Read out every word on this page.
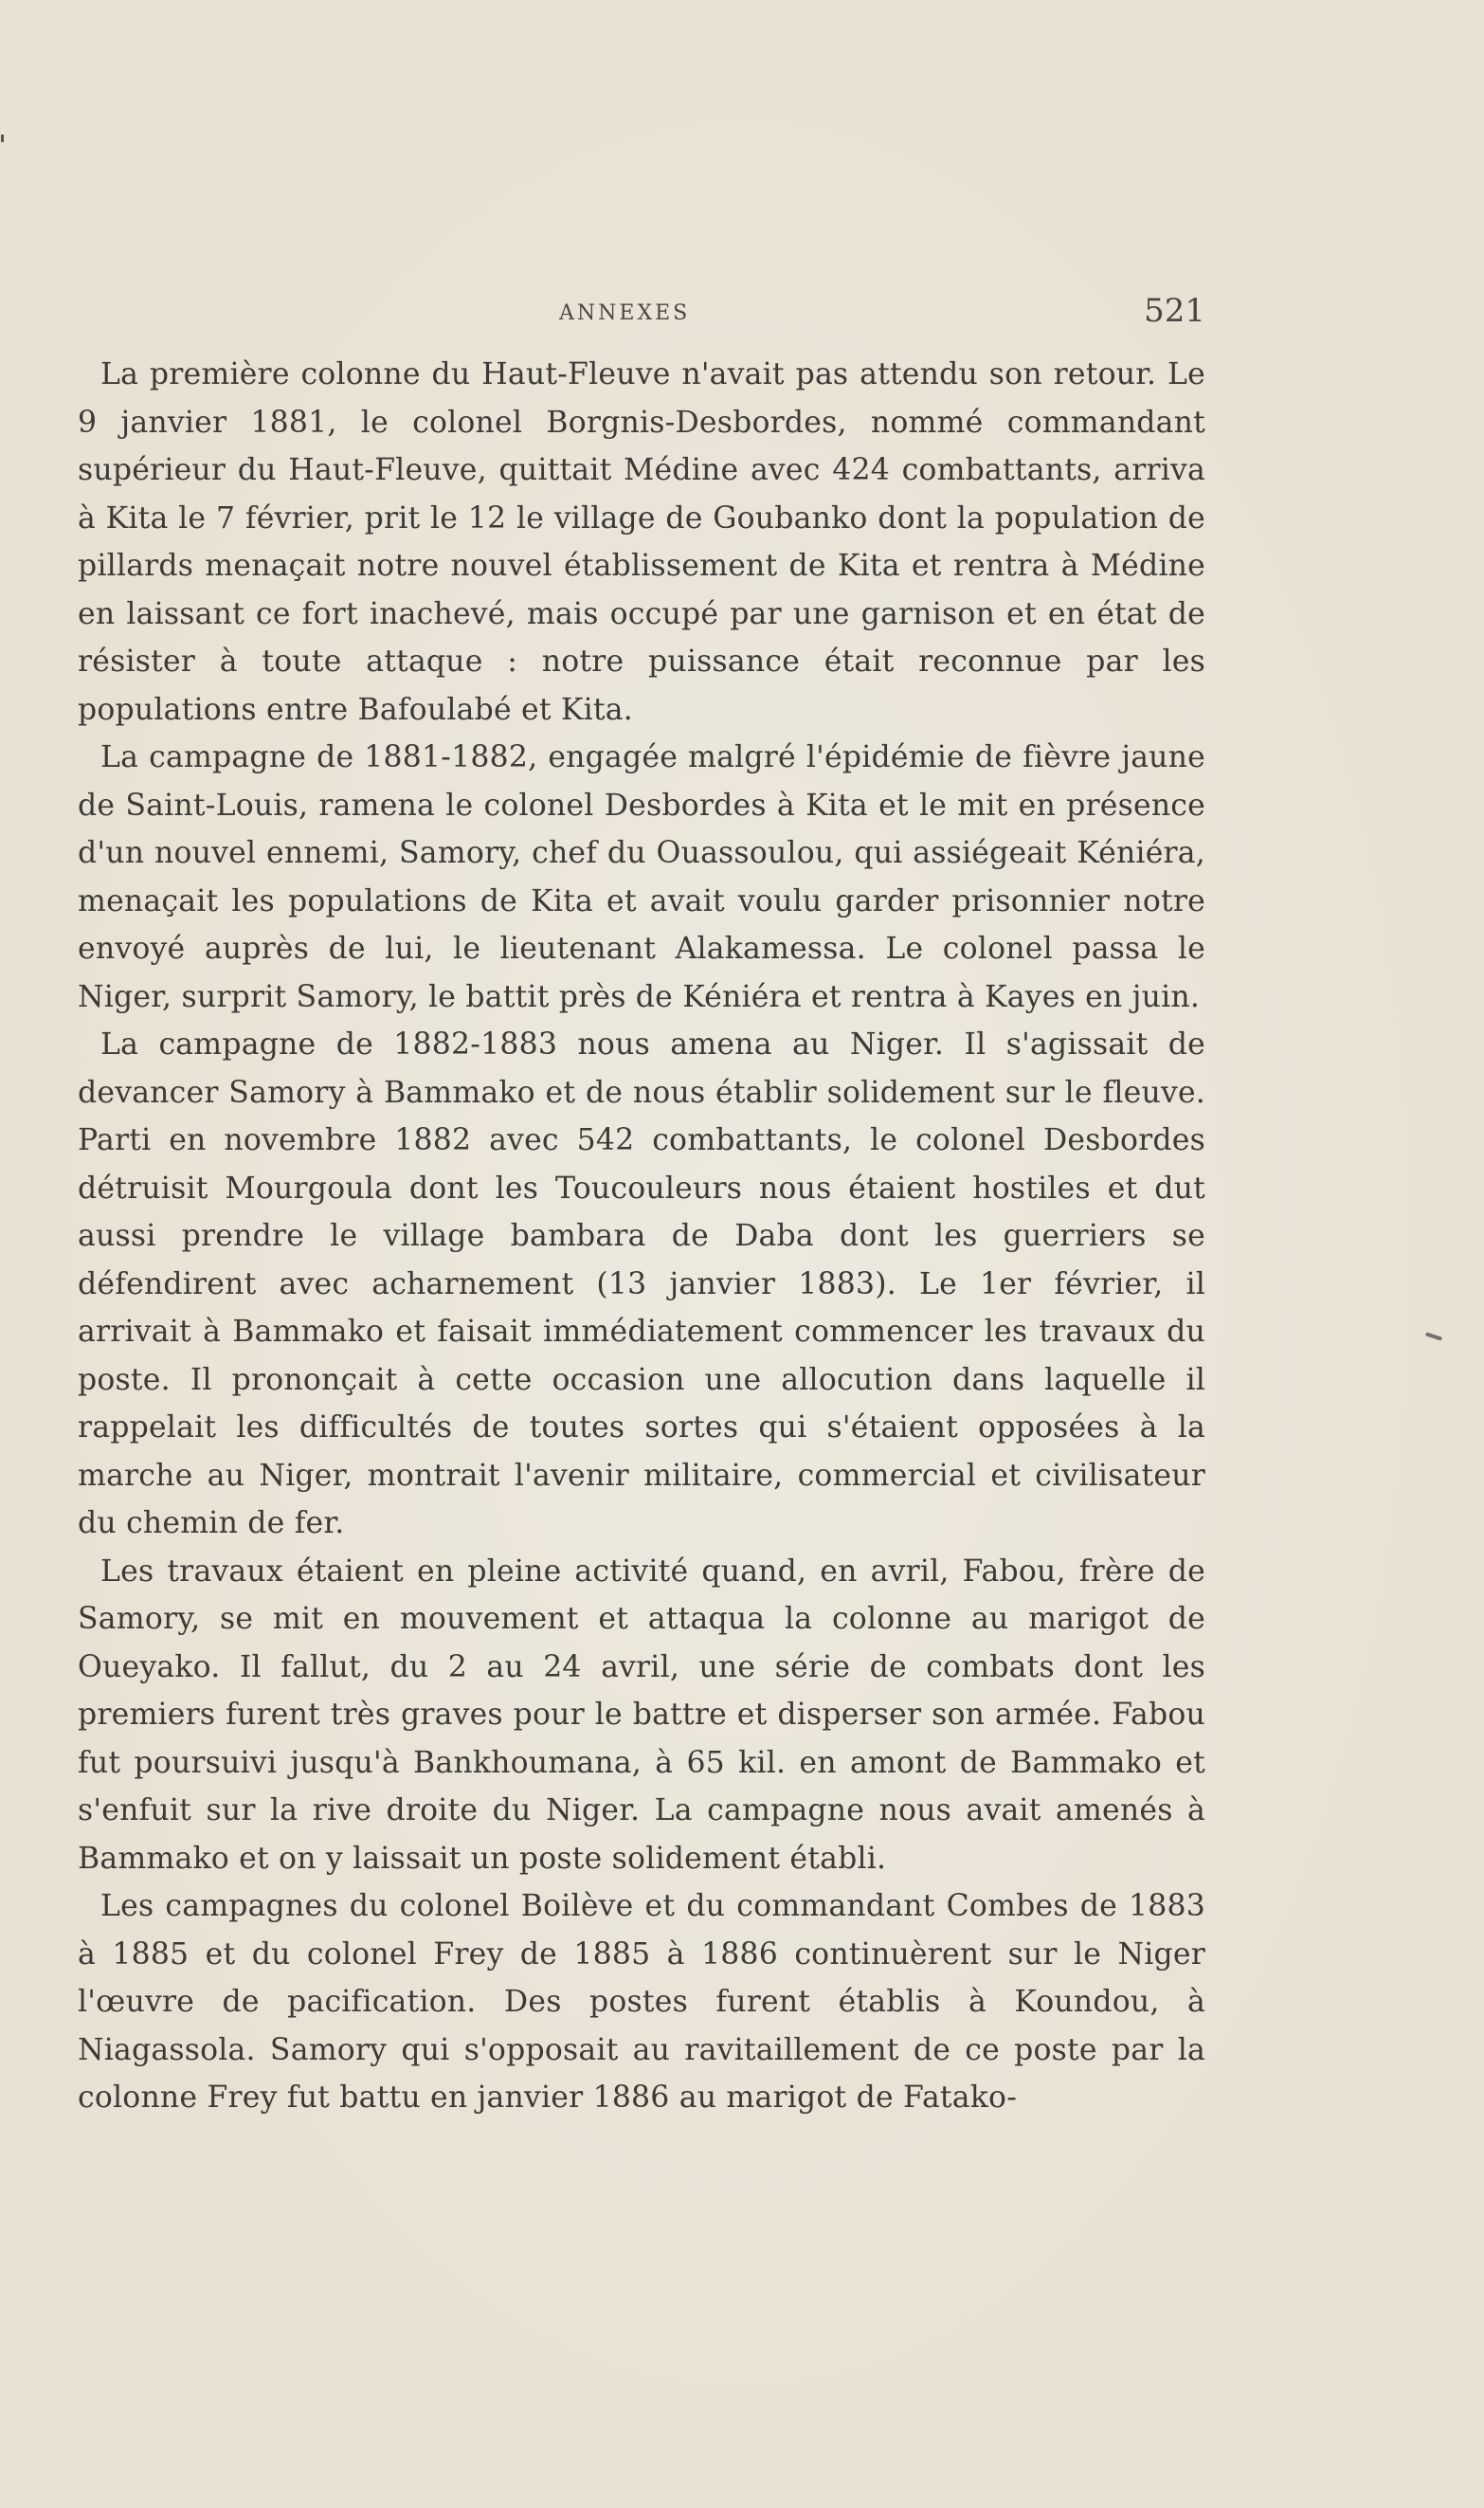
ANNEXES	521

La première colonne du Haut-Fleuve n'avait pas attendu son retour. Le 9 janvier 1881, le colonel Borgnis-Desbordes, nommé commandant supérieur du Haut-Fleuve, quittait Médine avec 424 combattants, arriva à Kita le 7 février, prit le 12 le village de Goubanko dont la population de pillards menaçait notre nouvel établissement de Kita et rentra à Médine en laissant ce fort inachevé, mais occupé par une garnison et en état de résister à toute attaque : notre puissance était reconnue par les populations entre Bafoulabé et Kita.

La campagne de 1881-1882, engagée malgré l'épidémie de fièvre jaune de Saint-Louis, ramena le colonel Desbordes à Kita et le mit en présence d'un nouvel ennemi, Samory, chef du Ouassoulou, qui assiégeait Kéniéra, menaçait les populations de Kita et avait voulu garder prisonnier notre envoyé auprès de lui, le lieutenant Alakamessa. Le colonel passa le Niger, surprit Samory, le battit près de Kéniéra et rentra à Kayes en juin.

La campagne de 1882-1883 nous amena au Niger. Il s'agissait de devancer Samory à Bammako et de nous établir solidement sur le fleuve. Parti en novembre 1882 avec 542 combattants, le colonel Desbordes détruisit Mourgoula dont les Toucouleurs nous étaient hostiles et dut aussi prendre le village bambara de Daba dont les guerriers se défendirent avec acharnement (13 janvier 1883). Le 1er février, il arrivait à Bammako et faisait immédiatement commencer les travaux du poste. Il prononçait à cette occasion une allocution dans laquelle il rappelait les difficultés de toutes sortes qui s'étaient opposées à la marche au Niger, montrait l'avenir militaire, commercial et civilisateur du chemin de fer.

Les travaux étaient en pleine activité quand, en avril, Fabou, frère de Samory, se mit en mouvement et attaqua la colonne au marigot de Oueyako. Il fallut, du 2 au 24 avril, une série de combats dont les premiers furent très graves pour le battre et disperser son armée. Fabou fut poursuivi jusqu'à Bankhoumana, à 65 kil. en amont de Bammako et s'enfuit sur la rive droite du Niger. La campagne nous avait amenés à Bammako et on y laissait un poste solidement établi.

Les campagnes du colonel Boilève et du commandant Combes de 1883 à 1885 et du colonel Frey de 1885 à 1886 continuèrent sur le Niger l'œuvre de pacification. Des postes furent établis à Koundou, à Niagassola. Samory qui s'opposait au ravitaillement de ce poste par la colonne Frey fut battu en janvier 1886 au marigot de Fatako-
